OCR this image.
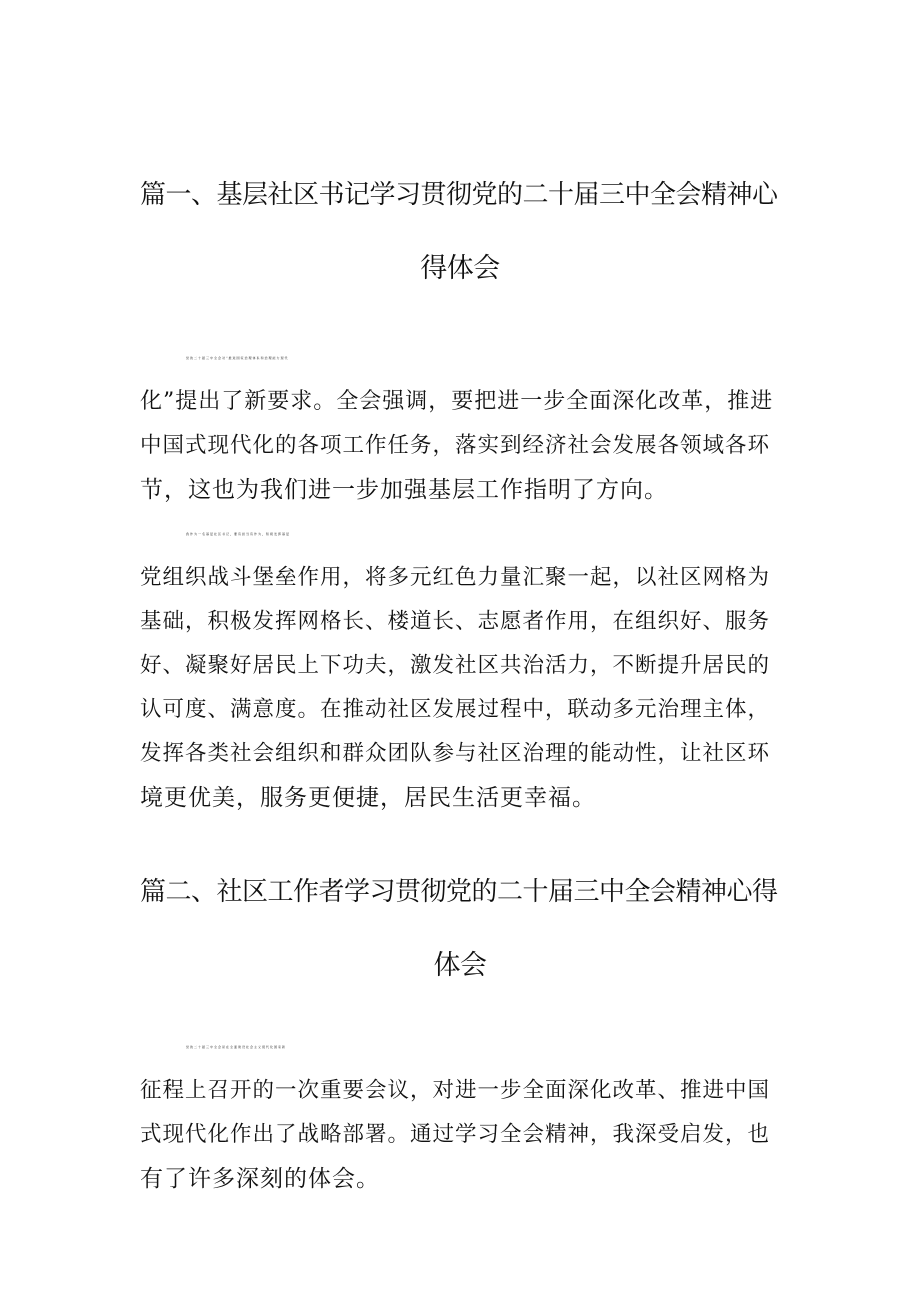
篇一、基层社区书记学习贯彻党的二十届三中全会精神心
得体会

党的二十届三中全会对“推进国家治理体系和治理能力现代
化”提出了新要求。全会强调，要把进一步全面深化改革，推进
中国式现代化的各项工作任务，落实到经济社会发展各领域各环
节，这也为我们进一步加强基层工作指明了方向。

我作为一名基层社区书记，要有担当有作为，积极发挥基层
党组织战斗堡垒作用，将多元红色力量汇聚一起，以社区网格为
基础，积极发挥网格长、楼道长、志愿者作用，在组织好、服务
好、凝聚好居民上下功夫，激发社区共治活力，不断提升居民的
认可度、满意度。在推动社区发展过程中，联动多元治理主体，
发挥各类社会组织和群众团队参与社区治理的能动性，让社区环
境更优美，服务更便捷，居民生活更幸福。

篇二、社区工作者学习贯彻党的二十届三中全会精神心得
体会

党的二十届三中全会是在全面建设社会主义现代化国家新
征程上召开的一次重要会议，对进一步全面深化改革、推进中国
式现代化作出了战略部署。通过学习全会精神，我深受启发，也
有了许多深刻的体会。
